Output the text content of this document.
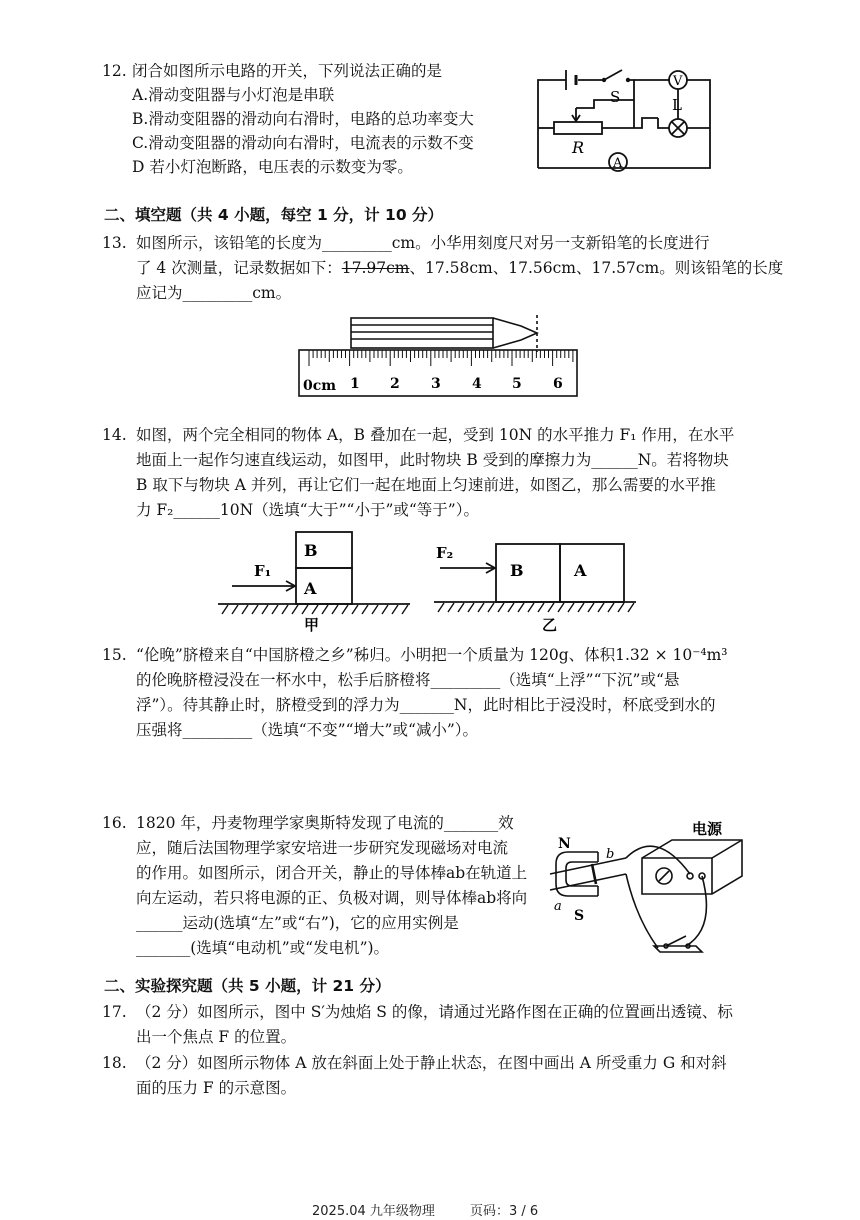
12. 闭合如图所示电路的开关，下列说法正确的是
A.滑动变阻器与小灯泡是串联
B.滑动变阻器的滑动向右滑时，电路的总功率变大
C.滑动变阻器的滑动向右滑时，电流表的示数不变
D 若小灯泡断路，电压表的示数变为零。
S
R
V
L
A
二、填空题（共 4 小题，每空 1 分，计 10 分）
13. 如图所示，该铅笔的长度为_________cm。小华用刻度尺对另一支新铅笔的长度进行
了 4 次测量，记录数据如下：17.97cm、17.58cm、17.56cm、17.57cm。则该铅笔的长度
应记为_________cm。
0cm 1 2 3 4 5 6
14. 如图，两个完全相同的物体 A，B 叠加在一起，受到 10N 的水平推力 F₁ 作用，在水平
地面上一起作匀速直线运动，如图甲，此时物块 B 受到的摩擦力为______N。若将物块
B 取下与物块 A 并列，再让它们一起在地面上匀速前进，如图乙，那么需要的水平推
力 F₂______10N（选填“大于”“小于”或“等于”）。
F₁
B
A
甲
F₂
B	A
乙
15. “伦晚”脐橙来自“中国脐橙之乡”秭归。小明把一个质量为 120g、体积1.32 × 10⁻⁴m³
的伦晚脐橙浸没在一杯水中，松手后脐橙将_________（选填“上浮”“下沉”或“悬
浮”）。待其静止时，脐橙受到的浮力为_______N，此时相比于浸没时，杯底受到水的
压强将_________（选填“不变”“增大”或“减小”）。
16. 1820 年，丹麦物理学家奥斯特发现了电流的_______效
应，随后法国物理学家安培进一步研究发现磁场对电流
的作用。如图所示，闭合开关，静止的导体棒ab在轨道上
向左运动，若只将电源的正、负极对调，则导体棒ab将向
______运动(选填“左”或“右”)，它的应用实例是
_______(选填“电动机”或“发电机”)。
电源
N
S
a
b
二、实验探究题（共 5 小题，计 21 分）
17. （2 分）如图所示，图中 S′为烛焰 S 的像，请通过光路作图在正确的位置画出透镜、标
出一个焦点 F 的位置。
18. （2 分）如图所示物体 A 放在斜面上处于静止状态，在图中画出 A 所受重力 G 和对斜
面的压力 F 的示意图。
2025.04 九年级物理	页码：3 / 6
